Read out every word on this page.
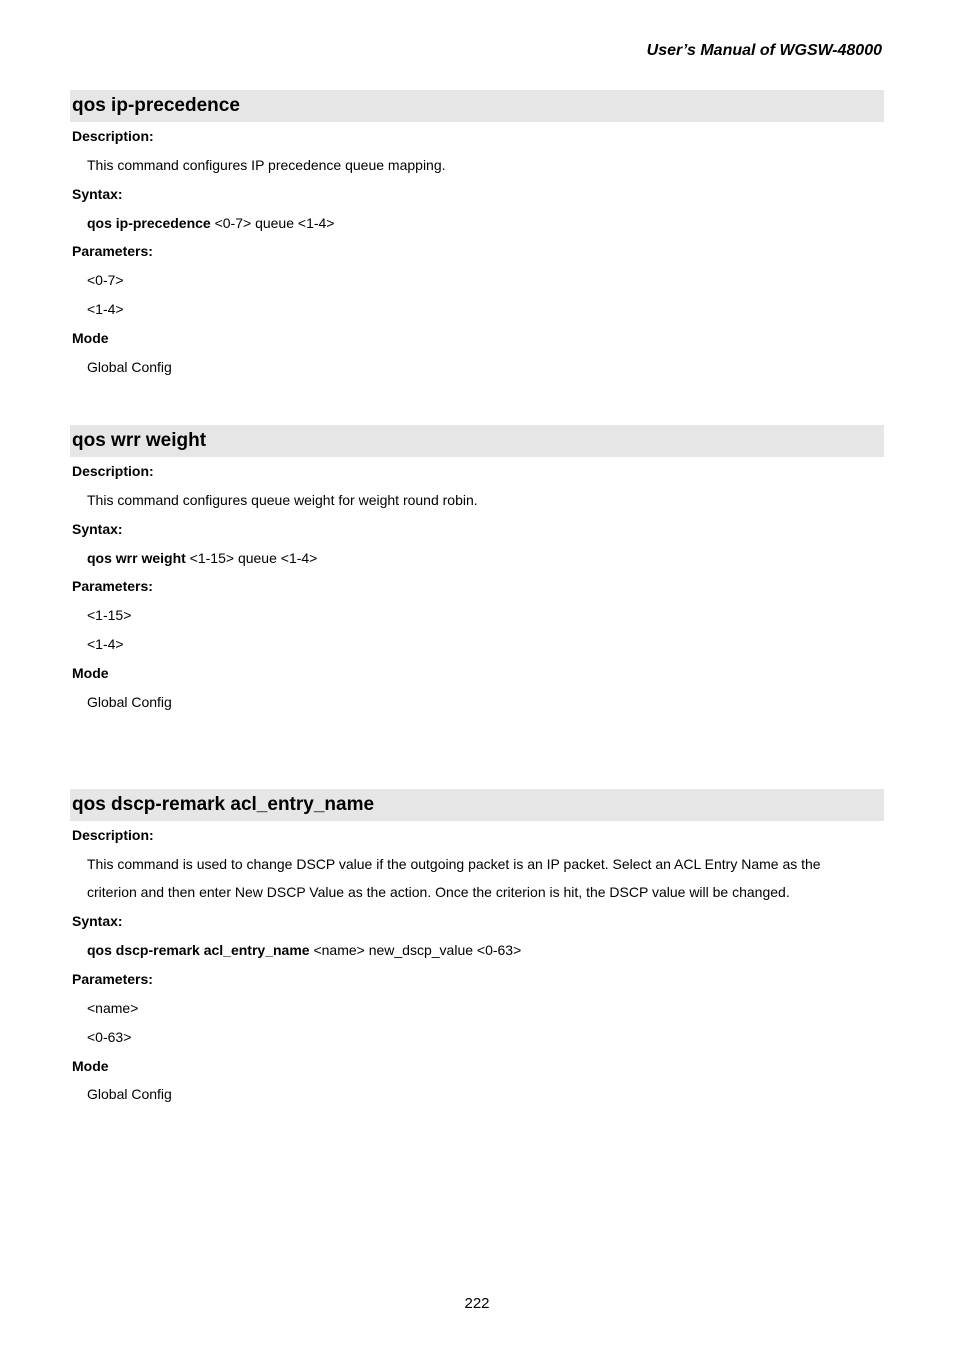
User’s Manual of WGSW-48000
qos ip-precedence
Description:
This command configures IP precedence queue mapping.
Syntax:
qos ip-precedence <0-7> queue <1-4>
Parameters:
<0-7>
<1-4>
Mode
Global Config
qos wrr weight
Description:
This command configures queue weight for weight round robin.
Syntax:
qos wrr weight <1-15> queue <1-4>
Parameters:
<1-15>
<1-4>
Mode
Global Config
qos dscp-remark acl_entry_name
Description:
This command is used to change DSCP value if the outgoing packet is an IP packet. Select an ACL Entry Name as the
criterion and then enter New DSCP Value as the action. Once the criterion is hit, the DSCP value will be changed.
Syntax:
qos dscp-remark acl_entry_name <name> new_dscp_value <0-63>
Parameters:
<name>
<0-63>
Mode
Global Config
222
